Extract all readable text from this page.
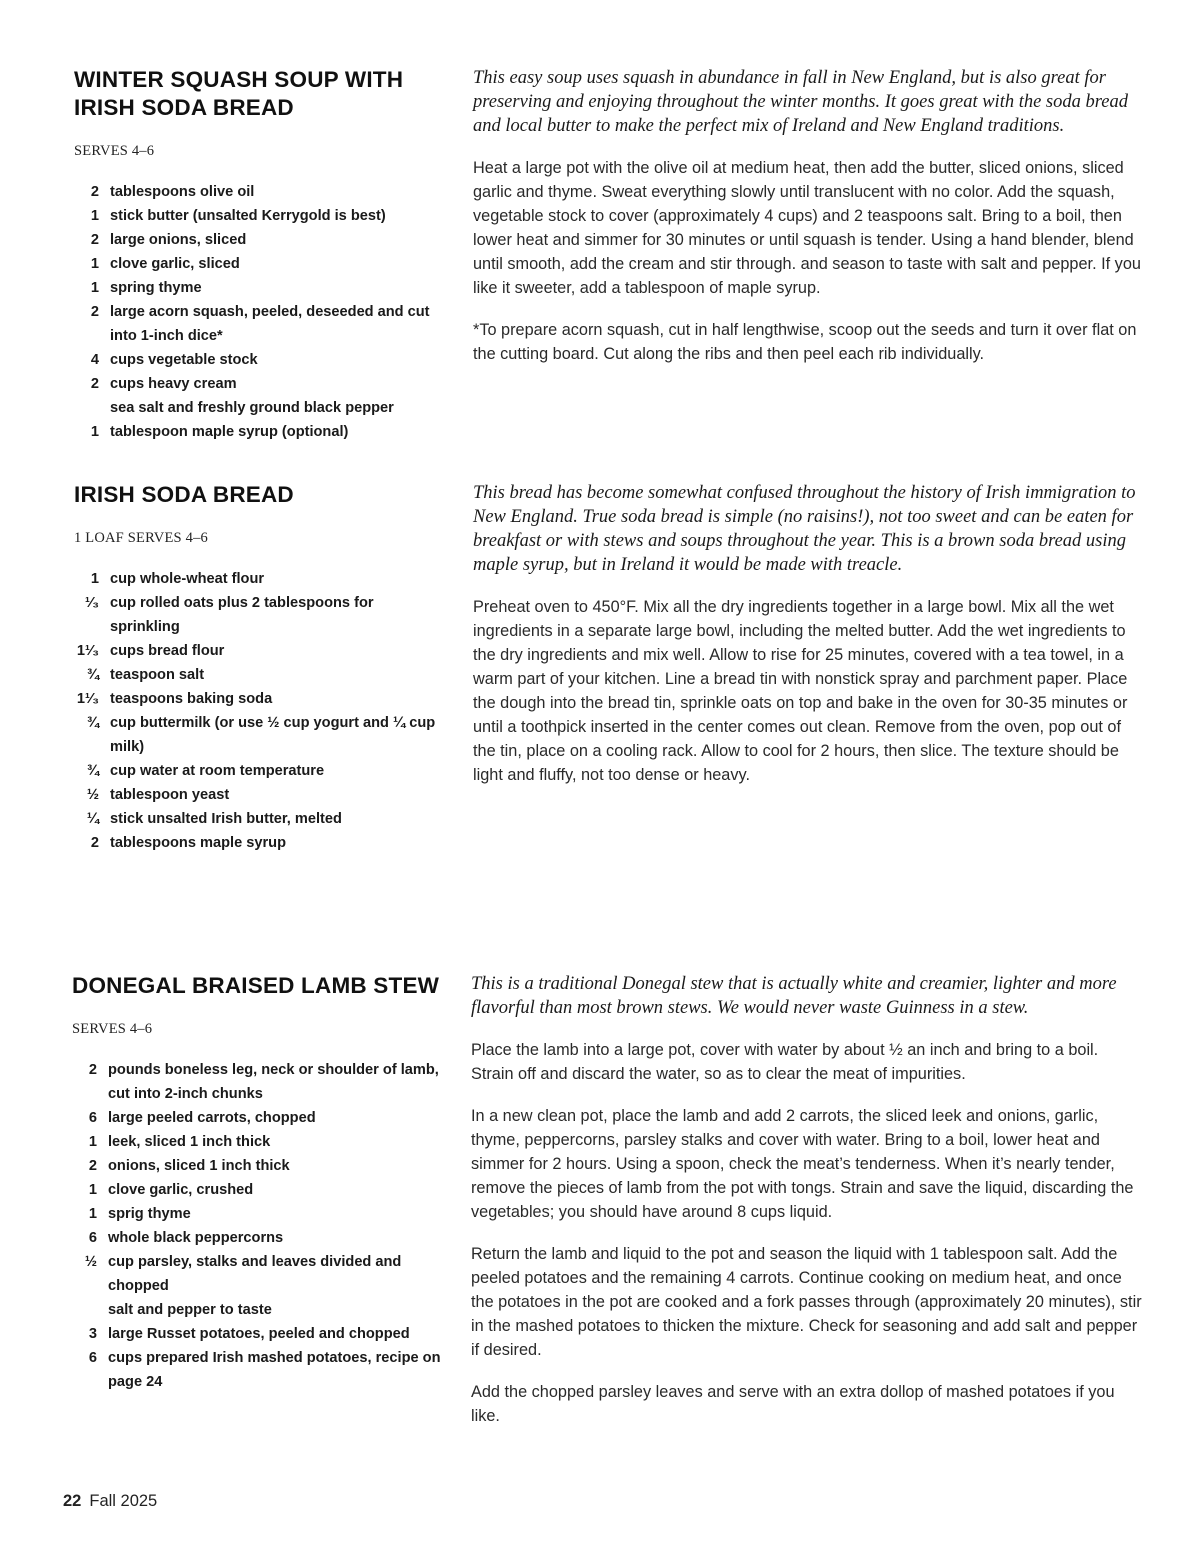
WINTER SQUASH SOUP WITH IRISH SODA BREAD
SERVES 4–6
2 tablespoons olive oil
1 stick butter (unsalted Kerrygold is best)
2 large onions, sliced
1 clove garlic, sliced
1 spring thyme
2 large acorn squash, peeled, deseeded and cut into 1-inch dice*
4 cups vegetable stock
2 cups heavy cream
sea salt and freshly ground black pepper
1 tablespoon maple syrup (optional)

This easy soup uses squash in abundance in fall in New England, but is also great for preserving and enjoying throughout the winter months. It goes great with the soda bread and local butter to make the perfect mix of Ireland and New England traditions.

Heat a large pot with the olive oil at medium heat, then add the butter, sliced onions, sliced garlic and thyme. Sweat everything slowly until translucent with no color. Add the squash, vegetable stock to cover (approximately 4 cups) and 2 teaspoons salt. Bring to a boil, then lower heat and simmer for 30 minutes or until squash is tender. Using a hand blender, blend until smooth, add the cream and stir through. and season to taste with salt and pepper. If you like it sweeter, add a tablespoon of maple syrup.

*To prepare acorn squash, cut in half lengthwise, scoop out the seeds and turn it over flat on the cutting board. Cut along the ribs and then peel each rib individually.

IRISH SODA BREAD
1 LOAF SERVES 4–6
1 cup whole-wheat flour
¹⁄₃ cup rolled oats plus 2 tablespoons for sprinkling
1¹⁄₃ cups bread flour
¾ teaspoon salt
1¹⁄₃ teaspoons baking soda
¾ cup buttermilk (or use ½ cup yogurt and ¼ cup milk)
¾ cup water at room temperature
½ tablespoon yeast
¼ stick unsalted Irish butter, melted
2 tablespoons maple syrup

This bread has become somewhat confused throughout the history of Irish immigration to New England. True soda bread is simple (no raisins!), not too sweet and can be eaten for breakfast or with stews and soups throughout the year. This is a brown soda bread using maple syrup, but in Ireland it would be made with treacle.

Preheat oven to 450°F. Mix all the dry ingredients together in a large bowl. Mix all the wet ingredients in a separate large bowl, including the melted butter. Add the wet ingredients to the dry ingredients and mix well. Allow to rise for 25 minutes, covered with a tea towel, in a warm part of your kitchen. Line a bread tin with nonstick spray and parchment paper. Place the dough into the bread tin, sprinkle oats on top and bake in the oven for 30-35 minutes or until a toothpick inserted in the center comes out clean. Remove from the oven, pop out of the tin, place on a cooling rack. Allow to cool for 2 hours, then slice. The texture should be light and fluffy, not too dense or heavy.

DONEGAL BRAISED LAMB STEW
SERVES 4–6
2 pounds boneless leg, neck or shoulder of lamb, cut into 2-inch chunks
6 large peeled carrots, chopped
1 leek, sliced 1 inch thick
2 onions, sliced 1 inch thick
1 clove garlic, crushed
1 sprig thyme
6 whole black peppercorns
½ cup parsley, stalks and leaves divided and chopped
salt and pepper to taste
3 large Russet potatoes, peeled and chopped
6 cups prepared Irish mashed potatoes, recipe on page 24

This is a traditional Donegal stew that is actually white and creamier, lighter and more flavorful than most brown stews. We would never waste Guinness in a stew.

Place the lamb into a large pot, cover with water by about ½ an inch and bring to a boil. Strain off and discard the water, so as to clear the meat of impurities.

In a new clean pot, place the lamb and add 2 carrots, the sliced leek and onions, garlic, thyme, peppercorns, parsley stalks and cover with water. Bring to a boil, lower heat and simmer for 2 hours. Using a spoon, check the meat’s tenderness. When it’s nearly tender, remove the pieces of lamb from the pot with tongs. Strain and save the liquid, discarding the vegetables; you should have around 8 cups liquid.

Return the lamb and liquid to the pot and season the liquid with 1 tablespoon salt. Add the peeled potatoes and the remaining 4 carrots. Continue cooking on medium heat, and once the potatoes in the pot are cooked and a fork passes through (approximately 20 minutes), stir in the mashed potatoes to thicken the mixture. Check for seasoning and add salt and pepper if desired.

Add the chopped parsley leaves and serve with an extra dollop of mashed potatoes if you like.

22 Fall 2025
